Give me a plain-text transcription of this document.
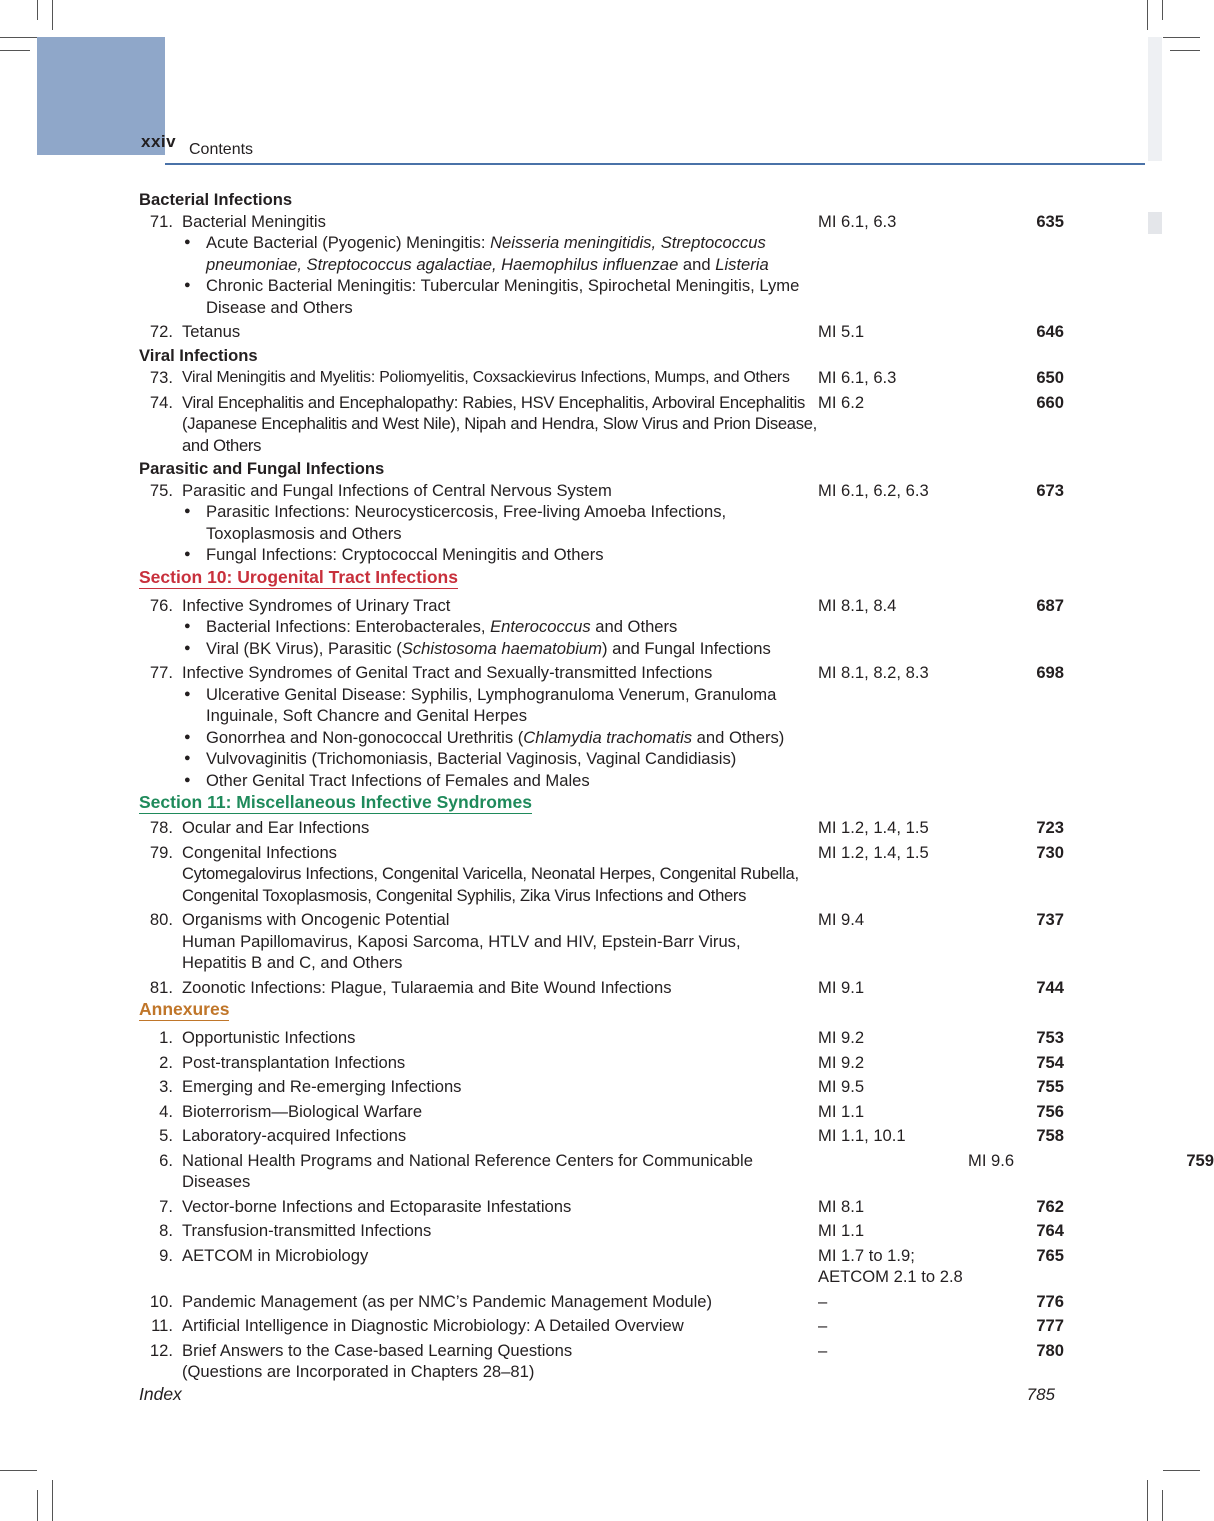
xxiv Contents
Bacterial Infections
71. Bacterial Meningitis
● Acute Bacterial (Pyogenic) Meningitis: Neisseria meningitidis, Streptococcus pneumoniae, Streptococcus agalactiae, Haemophilus influenzae and Listeria
● Chronic Bacterial Meningitis: Tubercular Meningitis, Spirochetal Meningitis, Lyme Disease and Others
MI 6.1, 6.3	635
72. Tetanus	MI 5.1	646
Viral Infections
73. Viral Meningitis and Myelitis: Poliomyelitis, Coxsackievirus Infections, Mumps, and Others	MI 6.1, 6.3	650
74. Viral Encephalitis and Encephalopathy: Rabies, HSV Encephalitis, Arboviral Encephalitis (Japanese Encephalitis and West Nile), Nipah and Hendra, Slow Virus and Prion Disease, and Others
MI 6.2	660
Parasitic and Fungal Infections
75. Parasitic and Fungal Infections of Central Nervous System
● Parasitic Infections: Neurocysticercosis, Free-living Amoeba Infections, Toxoplasmosis and Others
● Fungal Infections: Cryptococcal Meningitis and Others
MI 6.1, 6.2, 6.3	673
Section 10: Urogenital Tract Infections
76. Infective Syndromes of Urinary Tract
● Bacterial Infections: Enterobacterales, Enterococcus and Others
● Viral (BK Virus), Parasitic (Schistosoma haematobium) and Fungal Infections
MI 8.1, 8.4	687
77. Infective Syndromes of Genital Tract and Sexually-transmitted Infections
● Ulcerative Genital Disease: Syphilis, Lymphogranuloma Venerum, Granuloma Inguinale, Soft Chancre and Genital Herpes
● Gonorrhea and Non-gonococcal Urethritis (Chlamydia trachomatis and Others)
● Vulvovaginitis (Trichomoniasis, Bacterial Vaginosis, Vaginal Candidiasis)
● Other Genital Tract Infections of Females and Males
MI 8.1, 8.2, 8.3	698
Section 11: Miscellaneous Infective Syndromes
78. Ocular and Ear Infections	MI 1.2, 1.4, 1.5	723
79. Congenital Infections
Cytomegalovirus Infections, Congenital Varicella, Neonatal Herpes, Congenital Rubella, Congenital Toxoplasmosis, Congenital Syphilis, Zika Virus Infections and Others
MI 1.2, 1.4, 1.5	730
80. Organisms with Oncogenic Potential
Human Papillomavirus, Kaposi Sarcoma, HTLV and HIV, Epstein-Barr Virus, Hepatitis B and C, and Others
MI 9.4	737
81. Zoonotic Infections: Plague, Tularaemia and Bite Wound Infections	MI 9.1	744
Annexures
1. Opportunistic Infections	MI 9.2	753
2. Post-transplantation Infections	MI 9.2	754
3. Emerging and Re-emerging Infections	MI 9.5	755
4. Bioterrorism—Biological Warfare	MI 1.1	756
5. Laboratory-acquired Infections	MI 1.1, 10.1	758
6. National Health Programs and National Reference Centers for Communicable Diseases
MI 9.6	759
7. Vector-borne Infections and Ectoparasite Infestations	MI 8.1	762
8. Transfusion-transmitted Infections	MI 1.1	764
9. AETCOM in Microbiology	MI 1.7 to 1.9;
AETCOM 2.1 to 2.8
765
10. Pandemic Management (as per NMC’s Pandemic Management Module)	–	776
11. Artificial Intelligence in Diagnostic Microbiology: A Detailed Overview	–	777
12. Brief Answers to the Case-based Learning Questions
(Questions are Incorporated in Chapters 28–81)
–	780
Index	785
